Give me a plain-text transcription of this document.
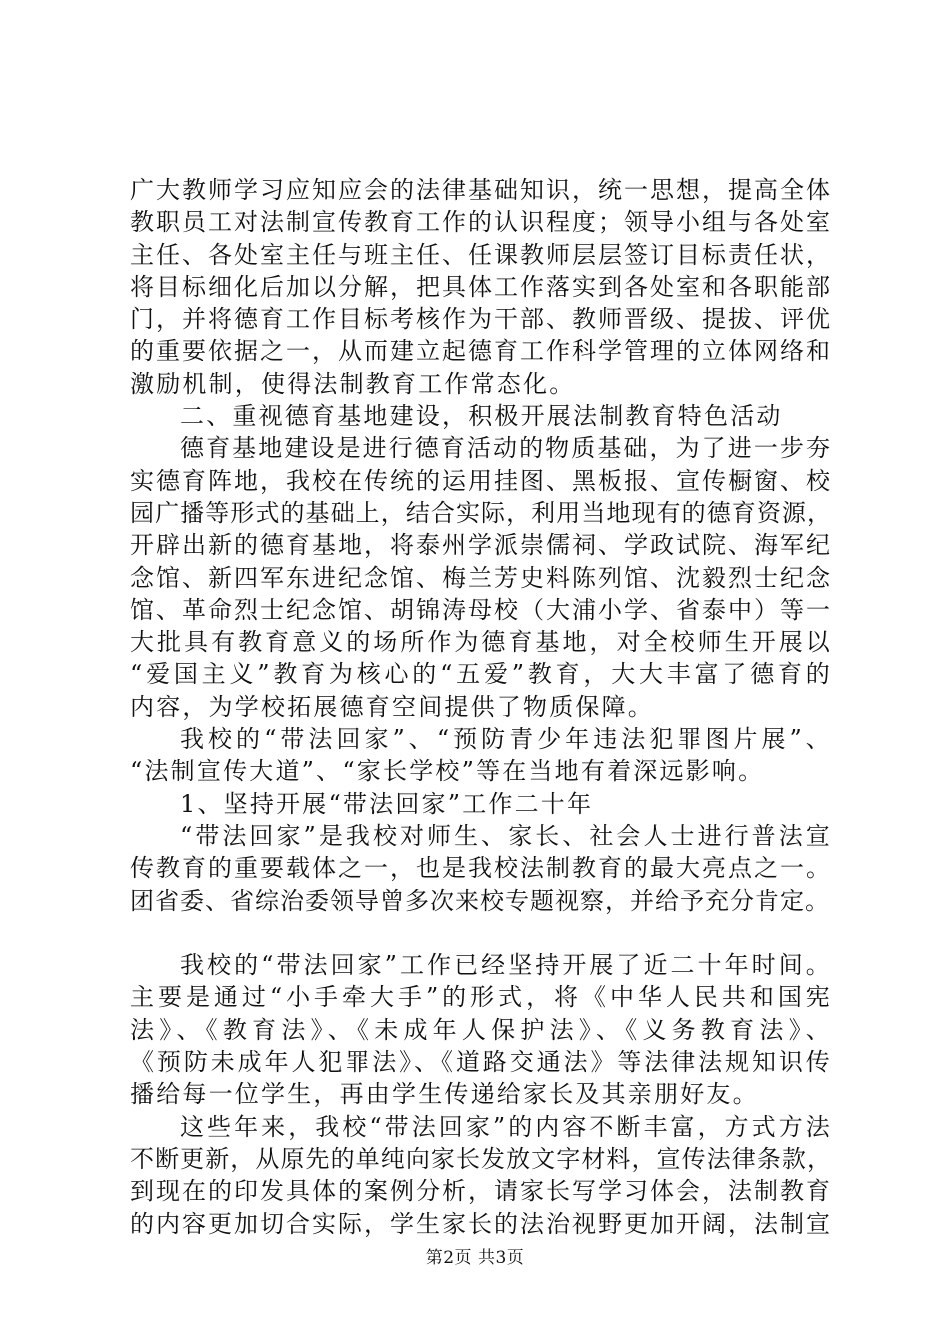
广大教师学习应知应会的法律基础知识，统一思想，提高全体
教职员工对法制宣传教育工作的认识程度；领导小组与各处室
主任、各处室主任与班主任、任课教师层层签订目标责任状，
将目标细化后加以分解，把具体工作落实到各处室和各职能部
门，并将德育工作目标考核作为干部、教师晋级、提拔、评优
的重要依据之一，从而建立起德育工作科学管理的立体网络和
激励机制，使得法制教育工作常态化。
二、重视德育基地建设，积极开展法制教育特色活动
德育基地建设是进行德育活动的物质基础，为了进一步夯
实德育阵地，我校在传统的运用挂图、黑板报、宣传橱窗、校
园广播等形式的基础上，结合实际，利用当地现有的德育资源，
开辟出新的德育基地，将泰州学派崇儒祠、学政试院、海军纪
念馆、新四军东进纪念馆、梅兰芳史料陈列馆、沈毅烈士纪念
馆、革命烈士纪念馆、胡锦涛母校（大浦小学、省泰中）等一
大批具有教育意义的场所作为德育基地，对全校师生开展以
“爱国主义”教育为核心的“五爱”教育，大大丰富了德育的
内容，为学校拓展德育空间提供了物质保障。
我校的“带法回家”、“预防青少年违法犯罪图片展”、
“法制宣传大道”、“家长学校”等在当地有着深远影响。
1、坚持开展“带法回家”工作二十年
“带法回家”是我校对师生、家长、社会人士进行普法宣
传教育的重要载体之一，也是我校法制教育的最大亮点之一。
团省委、省综治委领导曾多次来校专题视察，并给予充分肯定。
我校的“带法回家”工作已经坚持开展了近二十年时间。
主要是通过“小手牵大手”的形式，将《中华人民共和国宪
法》、《教育法》、《未成年人保护法》、《义务教育法》、
《预防未成年人犯罪法》、《道路交通法》等法律法规知识传
播给每一位学生，再由学生传递给家长及其亲朋好友。
这些年来，我校“带法回家”的内容不断丰富，方式方法
不断更新，从原先的单纯向家长发放文字材料，宣传法律条款，
到现在的印发具体的案例分析，请家长写学习体会，法制教育
的内容更加切合实际，学生家长的法治视野更加开阔，法制宣
第2页 共3页
